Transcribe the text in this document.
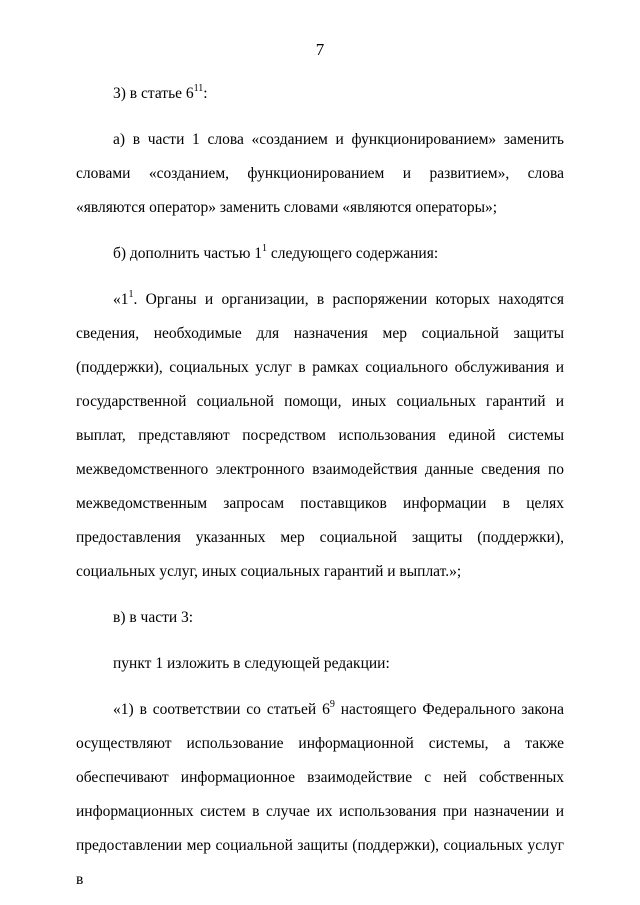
7

3) в статье $6^{11}$:

а) в части 1 слова «созданием и функционированием» заменить словами «созданием, функционированием и развитием», слова «являются оператор» заменить словами «являются операторы»;

б) дополнить частью $1^1$ следующего содержания:

«$1^1$. Органы и организации, в распоряжении которых находятся сведения, необходимые для назначения мер социальной защиты (поддержки), социальных услуг в рамках социального обслуживания и государственной социальной помощи, иных социальных гарантий и выплат, представляют посредством использования единой системы межведомственного электронного взаимодействия данные сведения по межведомственным запросам поставщиков информации в целях предоставления указанных мер социальной защиты (поддержки), социальных услуг, иных социальных гарантий и выплат.»;

в) в части 3:

пункт 1 изложить в следующей редакции:

«1) в соответствии со статьей $6^9$ настоящего Федерального закона осуществляют использование информационной системы, а также обеспечивают информационное взаимодействие с ней собственных информационных систем в случае их использования при назначении и предоставлении мер социальной защиты (поддержки), социальных услуг в
